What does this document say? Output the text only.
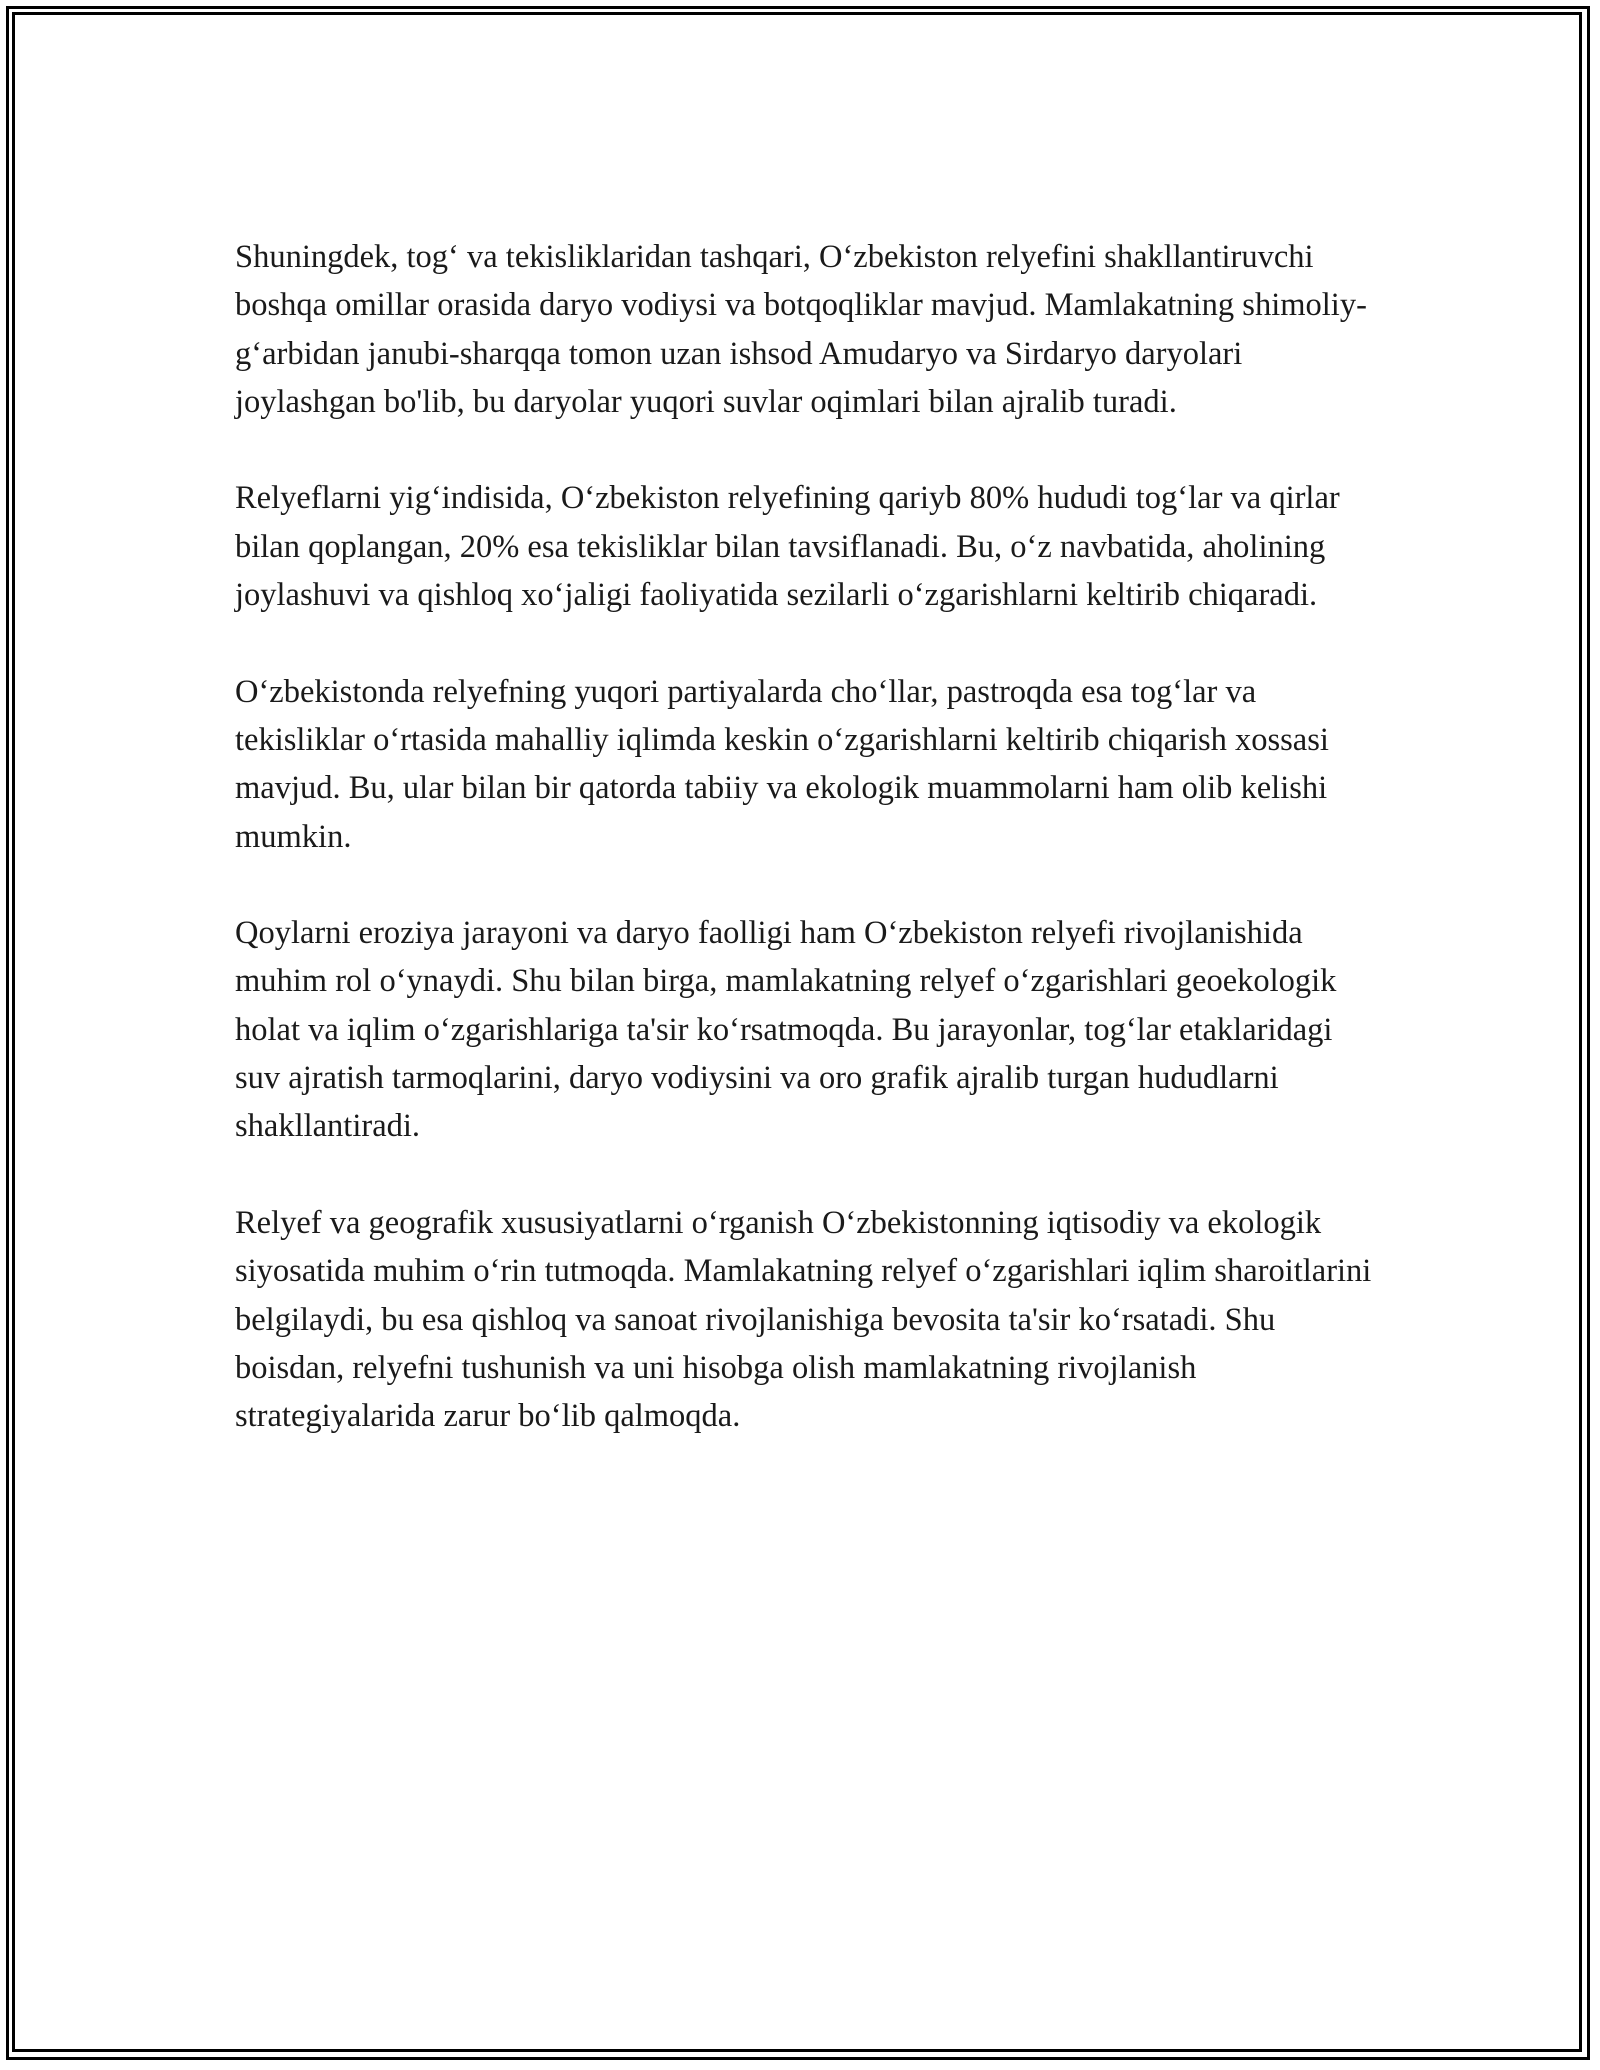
Shuningdek, tog‘ va tekisliklaridan tashqari, O‘zbekiston relyefini shakllantiruvchi boshqa omillar orasida daryo vodiysi va botqoqliklar mavjud. Mamlakatning shimoliy-g‘arbidan janubi-sharqqa tomon uzan ishsod Amudaryo va Sirdaryo daryolari joylashgan bo'lib, bu daryolar yuqori suvlar oqimlari bilan ajralib turadi.

Relyeflarni yig‘indisida, O‘zbekiston relyefining qariyb 80% hududi tog‘lar va qirlar bilan qoplangan, 20% esa tekisliklar bilan tavsiflanadi. Bu, o‘z navbatida, aholining joylashuvi va qishloq xo‘jaligi faoliyatida sezilarli o‘zgarishlarni keltirib chiqaradi.

O‘zbekistonda relyefning yuqori partiyalarda cho‘llar, pastroqda esa tog‘lar va tekisliklar o‘rtasida mahalliy iqlimda keskin o‘zgarishlarni keltirib chiqarish xossasi mavjud. Bu, ular bilan bir qatorda tabiiy va ekologik muammolarni ham olib kelishi mumkin.

Qoylarni eroziya jarayoni va daryo faolligi ham O‘zbekiston relyefi rivojlanishida muhim rol o‘ynaydi. Shu bilan birga, mamlakatning relyef o‘zgarishlari geoekologik holat va iqlim o‘zgarishlariga ta'sir ko‘rsatmoqda. Bu jarayonlar, tog‘lar etaklaridagi suv ajratish tarmoqlarini, daryo vodiysini va oro grafik ajralib turgan hududlarni shakllantiradi.

Relyef va geografik xususiyatlarni o‘rganish O‘zbekistonning iqtisodiy va ekologik siyosatida muhim o‘rin tutmoqda. Mamlakatning relyef o‘zgarishlari iqlim sharoitlarini belgilaydi, bu esa qishloq va sanoat rivojlanishiga bevosita ta'sir ko‘rsatadi. Shu boisdan, relyefni tushunish va uni hisobga olish mamlakatning rivojlanish strategiyalarida zarur bo‘lib qalmoqda.
